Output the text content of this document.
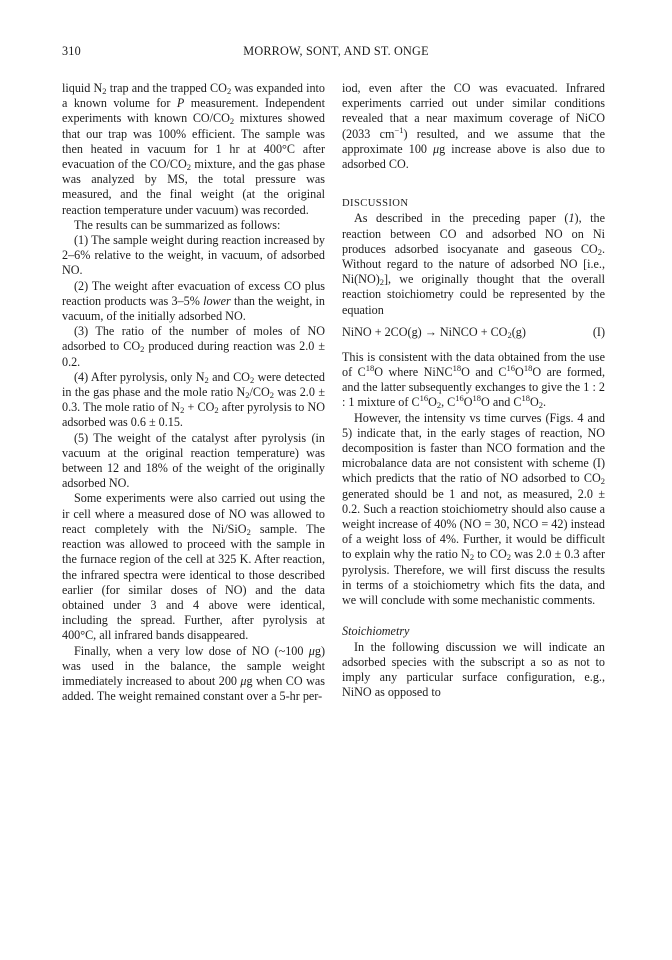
310	MORROW, SONT, AND ST. ONGE

liquid $N_2$ trap and the trapped $CO_2$ was expanded into a known volume for P measurement. Independent experiments with known $CO/CO_2$ mixtures showed that our trap was 100% efficient. The sample was then heated in vacuum for 1 hr at 400°C after evacuation of the $CO/CO_2$ mixture, and the gas phase was analyzed by MS, the total pressure was measured, and the final weight (at the original reaction temperature under vacuum) was recorded.

The results can be summarized as follows:

(1) The sample weight during reaction increased by 2–6% relative to the weight, in vacuum, of adsorbed NO.

(2) The weight after evacuation of excess CO plus reaction products was 3–5% lower than the weight, in vacuum, of the initially adsorbed NO.

(3) The ratio of the number of moles of NO adsorbed to $CO_2$ produced during reaction was 2.0 ± 0.2.

(4) After pyrolysis, only $N_2$ and $CO_2$ were detected in the gas phase and the mole ratio $N_2/CO_2$ was 2.0 ± 0.3. The mole ratio of $N_2 + CO_2$ after pyrolysis to NO adsorbed was 0.6 ± 0.15.

(5) The weight of the catalyst after pyrolysis (in vacuum at the original reaction temperature) was between 12 and 18% of the weight of the originally adsorbed NO.

Some experiments were also carried out using the ir cell where a measured dose of NO was allowed to react completely with the Ni/SiO$_2$ sample. The reaction was allowed to proceed with the sample in the furnace region of the cell at 325 K. After reaction, the infrared spectra were identical to those described earlier (for similar doses of NO) and the data obtained under 3 and 4 above were identical, including the spread. Further, after pyrolysis at 400°C, all infrared bands disappeared.

Finally, when a very low dose of NO (~100 μg) was used in the balance, the sample weight immediately increased to about 200 μg when CO was added. The weight remained constant over a 5-hr per-

iod, even after the CO was evacuated. Infrared experiments carried out under similar conditions revealed that a near maximum coverage of NiCO (2033 $cm^{-1}$) resulted, and we assume that the approximate 100 μg increase above is also due to adsorbed CO.

DISCUSSION

As described in the preceding paper (1), the reaction between CO and adsorbed NO on Ni produces adsorbed isocyanate and gaseous $CO_2$. Without regard to the nature of adsorbed NO [i.e., $Ni(NO)_2$], we originally thought that the overall reaction stoichiometry could be represented by the equation

NiNO + 2CO(g) → NiNCO + $CO_2(g)$	(I)

This is consistent with the data obtained from the use of $C^{18}O$ where NiNC$^{18}$O and $C^{16}O^{18}O$ are formed, and the latter subsequently exchanges to give the 1 : 2 : 1 mixture of $C^{16}O_2$, $C^{16}O^{18}O$ and $C^{18}O_2$.

However, the intensity vs time curves (Figs. 4 and 5) indicate that, in the early stages of reaction, NO decomposition is faster than NCO formation and the microbalance data are not consistent with scheme (I) which predicts that the ratio of NO adsorbed to $CO_2$ generated should be 1 and not, as measured, 2.0 ± 0.2. Such a reaction stoichiometry should also cause a weight increase of 40% (NO = 30, NCO = 42) instead of a weight loss of 4%. Further, it would be difficult to explain why the ratio $N_2$ to $CO_2$ was 2.0 ± 0.3 after pyrolysis. Therefore, we will first discuss the results in terms of a stoichiometry which fits the data, and we will conclude with some mechanistic comments.

Stoichiometry

In the following discussion we will indicate an adsorbed species with the subscript a so as not to imply any particular surface configuration, e.g., NiNO as opposed to
